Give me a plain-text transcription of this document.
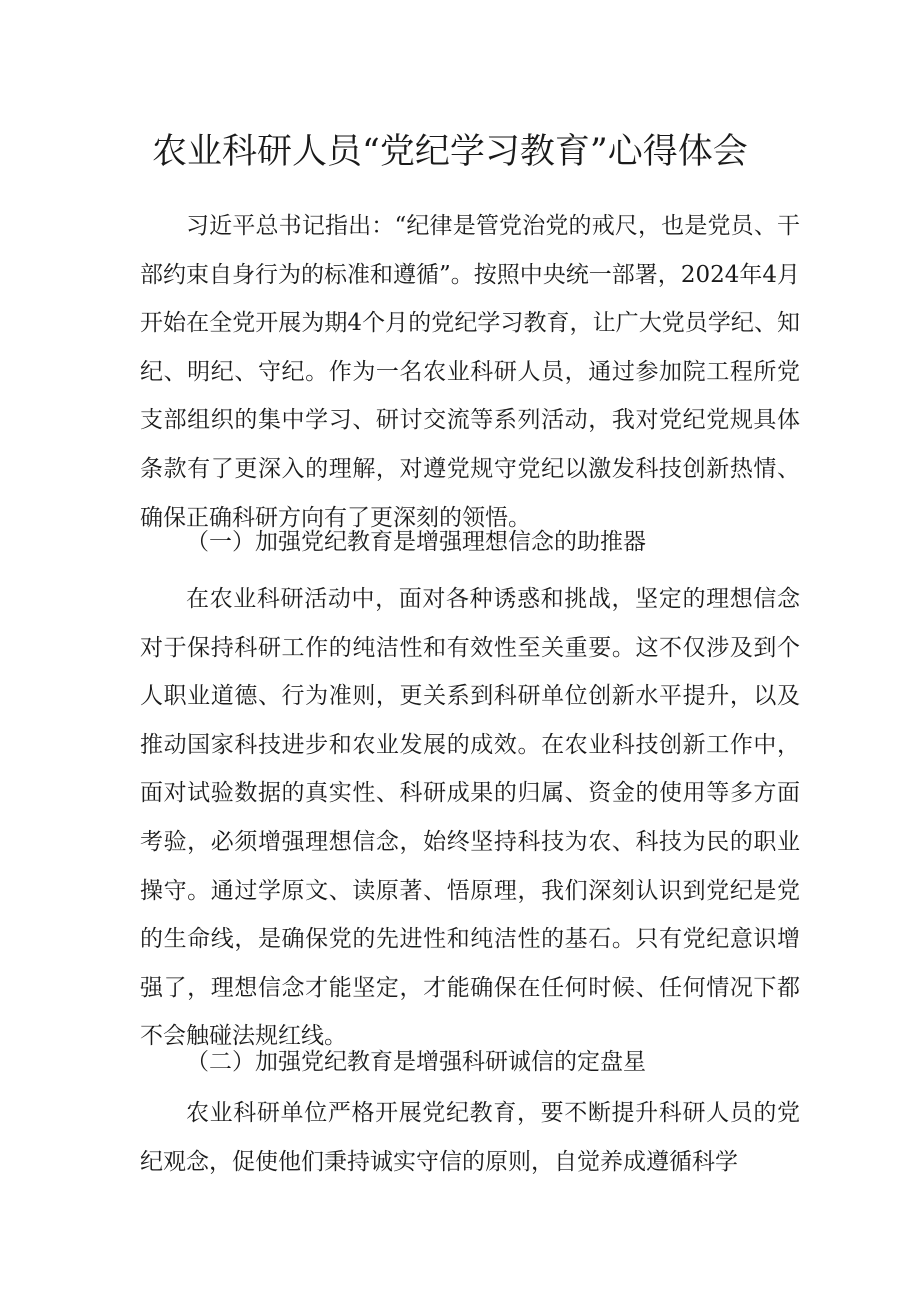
农业科研人员“党纪学习教育”心得体会

习近平总书记指出：“纪律是管党治党的戒尺，也是党员、干部约束自身行为的标准和遵循”。按照中央统一部署，2024年4月开始在全党开展为期4个月的党纪学习教育，让广大党员学纪、知纪、明纪、守纪。作为一名农业科研人员，通过参加院工程所党支部组织的集中学习、研讨交流等系列活动，我对党纪党规具体条款有了更深入的理解，对遵党规守党纪以激发科技创新热情、确保正确科研方向有了更深刻的领悟。

（一）加强党纪教育是增强理想信念的助推器

在农业科研活动中，面对各种诱惑和挑战，坚定的理想信念对于保持科研工作的纯洁性和有效性至关重要。这不仅涉及到个人职业道德、行为准则，更关系到科研单位创新水平提升，以及推动国家科技进步和农业发展的成效。在农业科技创新工作中，面对试验数据的真实性、科研成果的归属、资金的使用等多方面考验，必须增强理想信念，始终坚持科技为农、科技为民的职业操守。通过学原文、读原著、悟原理，我们深刻认识到党纪是党的生命线，是确保党的先进性和纯洁性的基石。只有党纪意识增强了，理想信念才能坚定，才能确保在任何时候、任何情况下都不会触碰法规红线。

（二）加强党纪教育是增强科研诚信的定盘星

农业科研单位严格开展党纪教育，要不断提升科研人员的党纪观念，促使他们秉持诚实守信的原则，自觉养成遵循科学
